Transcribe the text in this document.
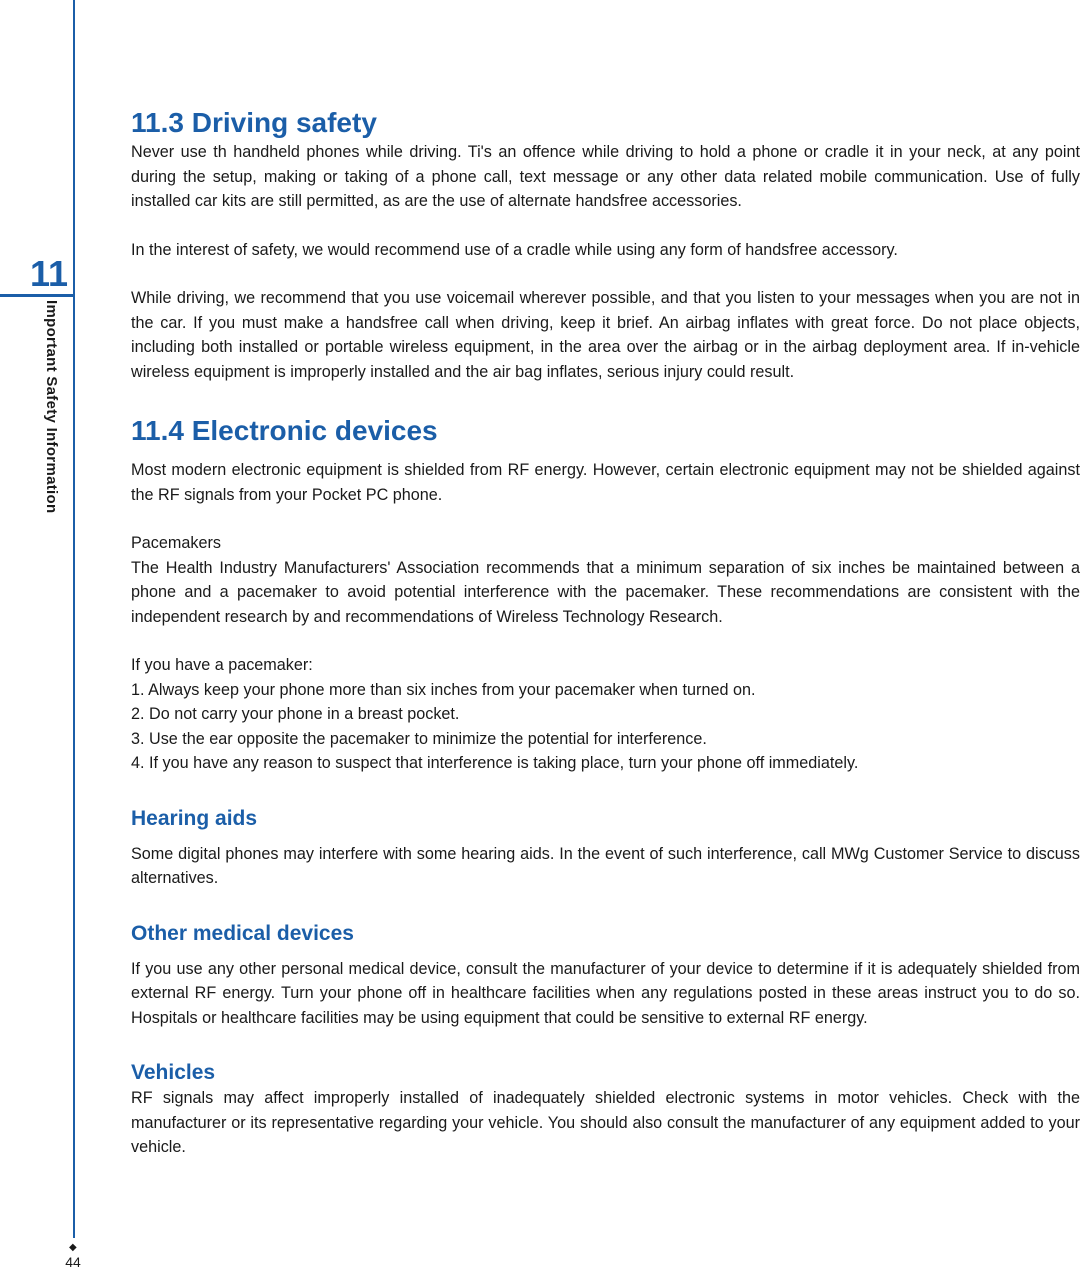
11
Important Safety Information
◆
44
11.3 Driving safety

Never use th handheld phones while driving. Ti's an offence while driving to hold a phone or cradle it in your neck, at any point during the setup, making or taking of a phone call, text message or any other data related mobile communication. Use of fully installed car kits are still permitted, as are the use of alternate handsfree accessories.

In the interest of safety, we would recommend use of a cradle while using any form of handsfree accessory.

While driving, we recommend that you use voicemail wherever possible, and that you listen to your messages when you are not in the car. If you must make a handsfree call when driving, keep it brief. An airbag inflates with great force. Do not place objects, including both installed or portable wireless equipment, in the area over the airbag or in the airbag deployment area. If in-vehicle wireless equipment is improperly installed and the air bag inflates, serious injury could result.

11.4 Electronic devices

Most modern electronic equipment is shielded from RF energy. However, certain electronic equipment may not be shielded against the RF signals from your Pocket PC phone.

Pacemakers

The Health Industry Manufacturers' Association recommends that a minimum separation of six inches be maintained between a phone and a pacemaker to avoid potential interference with the pacemaker. These recommendations are consistent with the independent research by and recommendations of Wireless Technology Research.

If you have a pacemaker:

1. Always keep your phone more than six inches from your pacemaker when turned on.
2. Do not carry your phone in a breast pocket.
3. Use the ear opposite the pacemaker to minimize the potential for interference.
4. If you have any reason to suspect that interference is taking place, turn your phone off immediately.
Hearing aids

Some digital phones may interfere with some hearing aids. In the event of such interference, call MWg Customer Service to discuss alternatives.

Other medical devices

If you use any other personal medical device, consult the manufacturer of your device to determine if it is adequately shielded from external RF energy. Turn your phone off in healthcare facilities when any regulations posted in these areas instruct you to do so. Hospitals or healthcare facilities may be using equipment that could be sensitive to external RF energy.

Vehicles

RF signals may affect improperly installed of inadequately shielded electronic systems in motor vehicles. Check with the manufacturer or its representative regarding your vehicle. You should also consult the manufacturer of any equipment added to your vehicle.
